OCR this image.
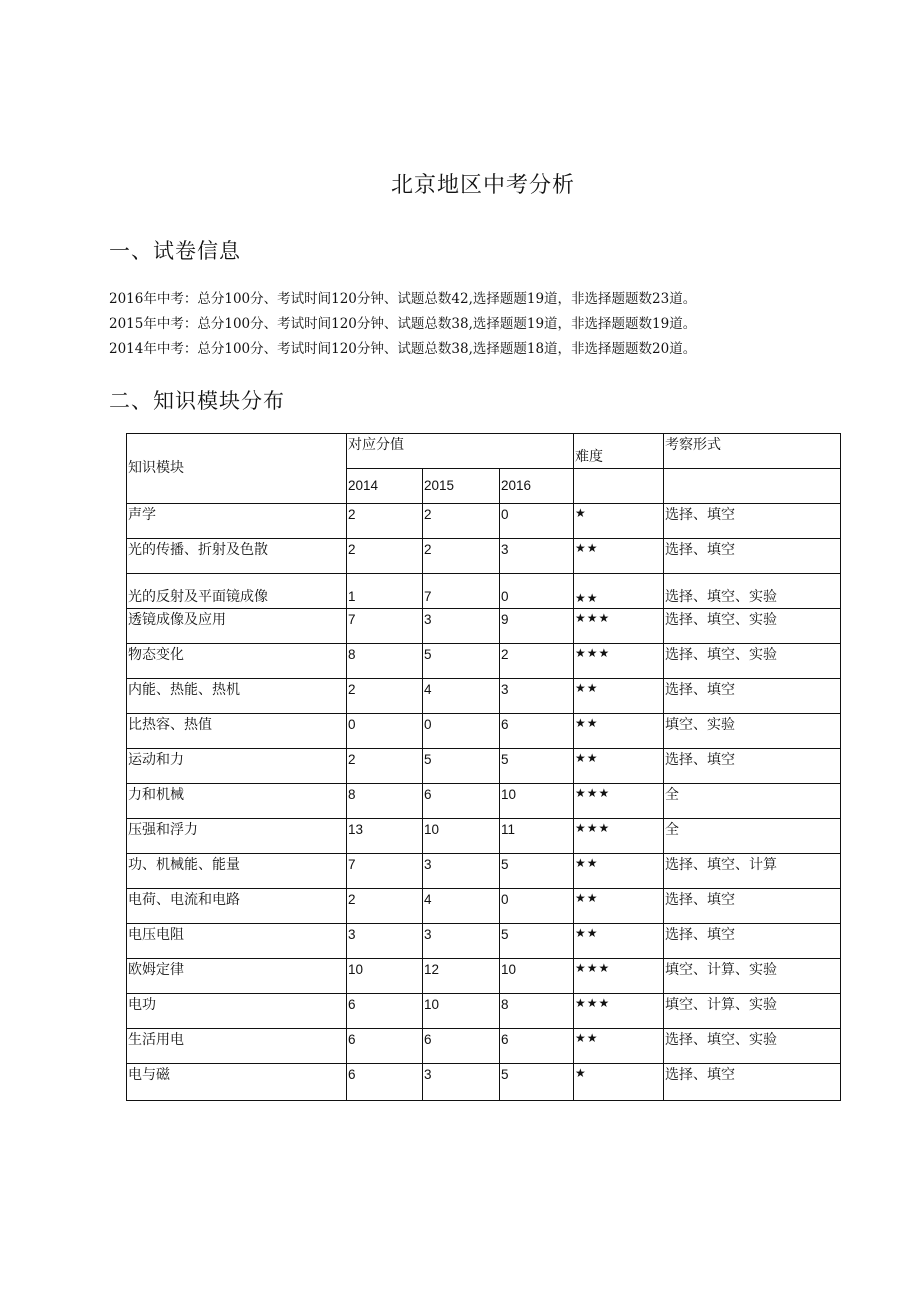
北京地区中考分析
一、试卷信息
2016年中考：总分100分、考试时间120分钟、试题总数42,选择题题19道，非选择题题数23道。
2015年中考：总分100分、考试时间120分钟、试题总数38,选择题题19道，非选择题题数19道。
2014年中考：总分100分、考试时间120分钟、试题总数38,选择题题18道，非选择题题数20道。
二、知识模块分布
知识模块	对应分值			难度	考察形式
	2014	2015	2016		
声学	2	2	0	★	选择、填空
光的传播、折射及色散	2	2	3	★★	选择、填空
光的反射及平面镜成像	1	7	0	★★	选择、填空、实验
透镜成像及应用	7	3	9	★★★	选择、填空、实验
物态变化	8	5	2	★★★	选择、填空、实验
内能、热能、热机	2	4	3	★★	选择、填空
比热容、热值	0	0	6	★★	填空、实验
运动和力	2	5	5	★★	选择、填空
力和机械	8	6	10	★★★	全
压强和浮力	13	10	11	★★★	全
功、机械能、能量	7	3	5	★★	选择、填空、计算
电荷、电流和电路	2	4	0	★★	选择、填空
电压电阻	3	3	5	★★	选择、填空
欧姆定律	10	12	10	★★★	填空、计算、实验
电功	6	10	8	★★★	填空、计算、实验
生活用电	6	6	6	★★	选择、填空、实验
电与磁	6	3	5	★	选择、填空
